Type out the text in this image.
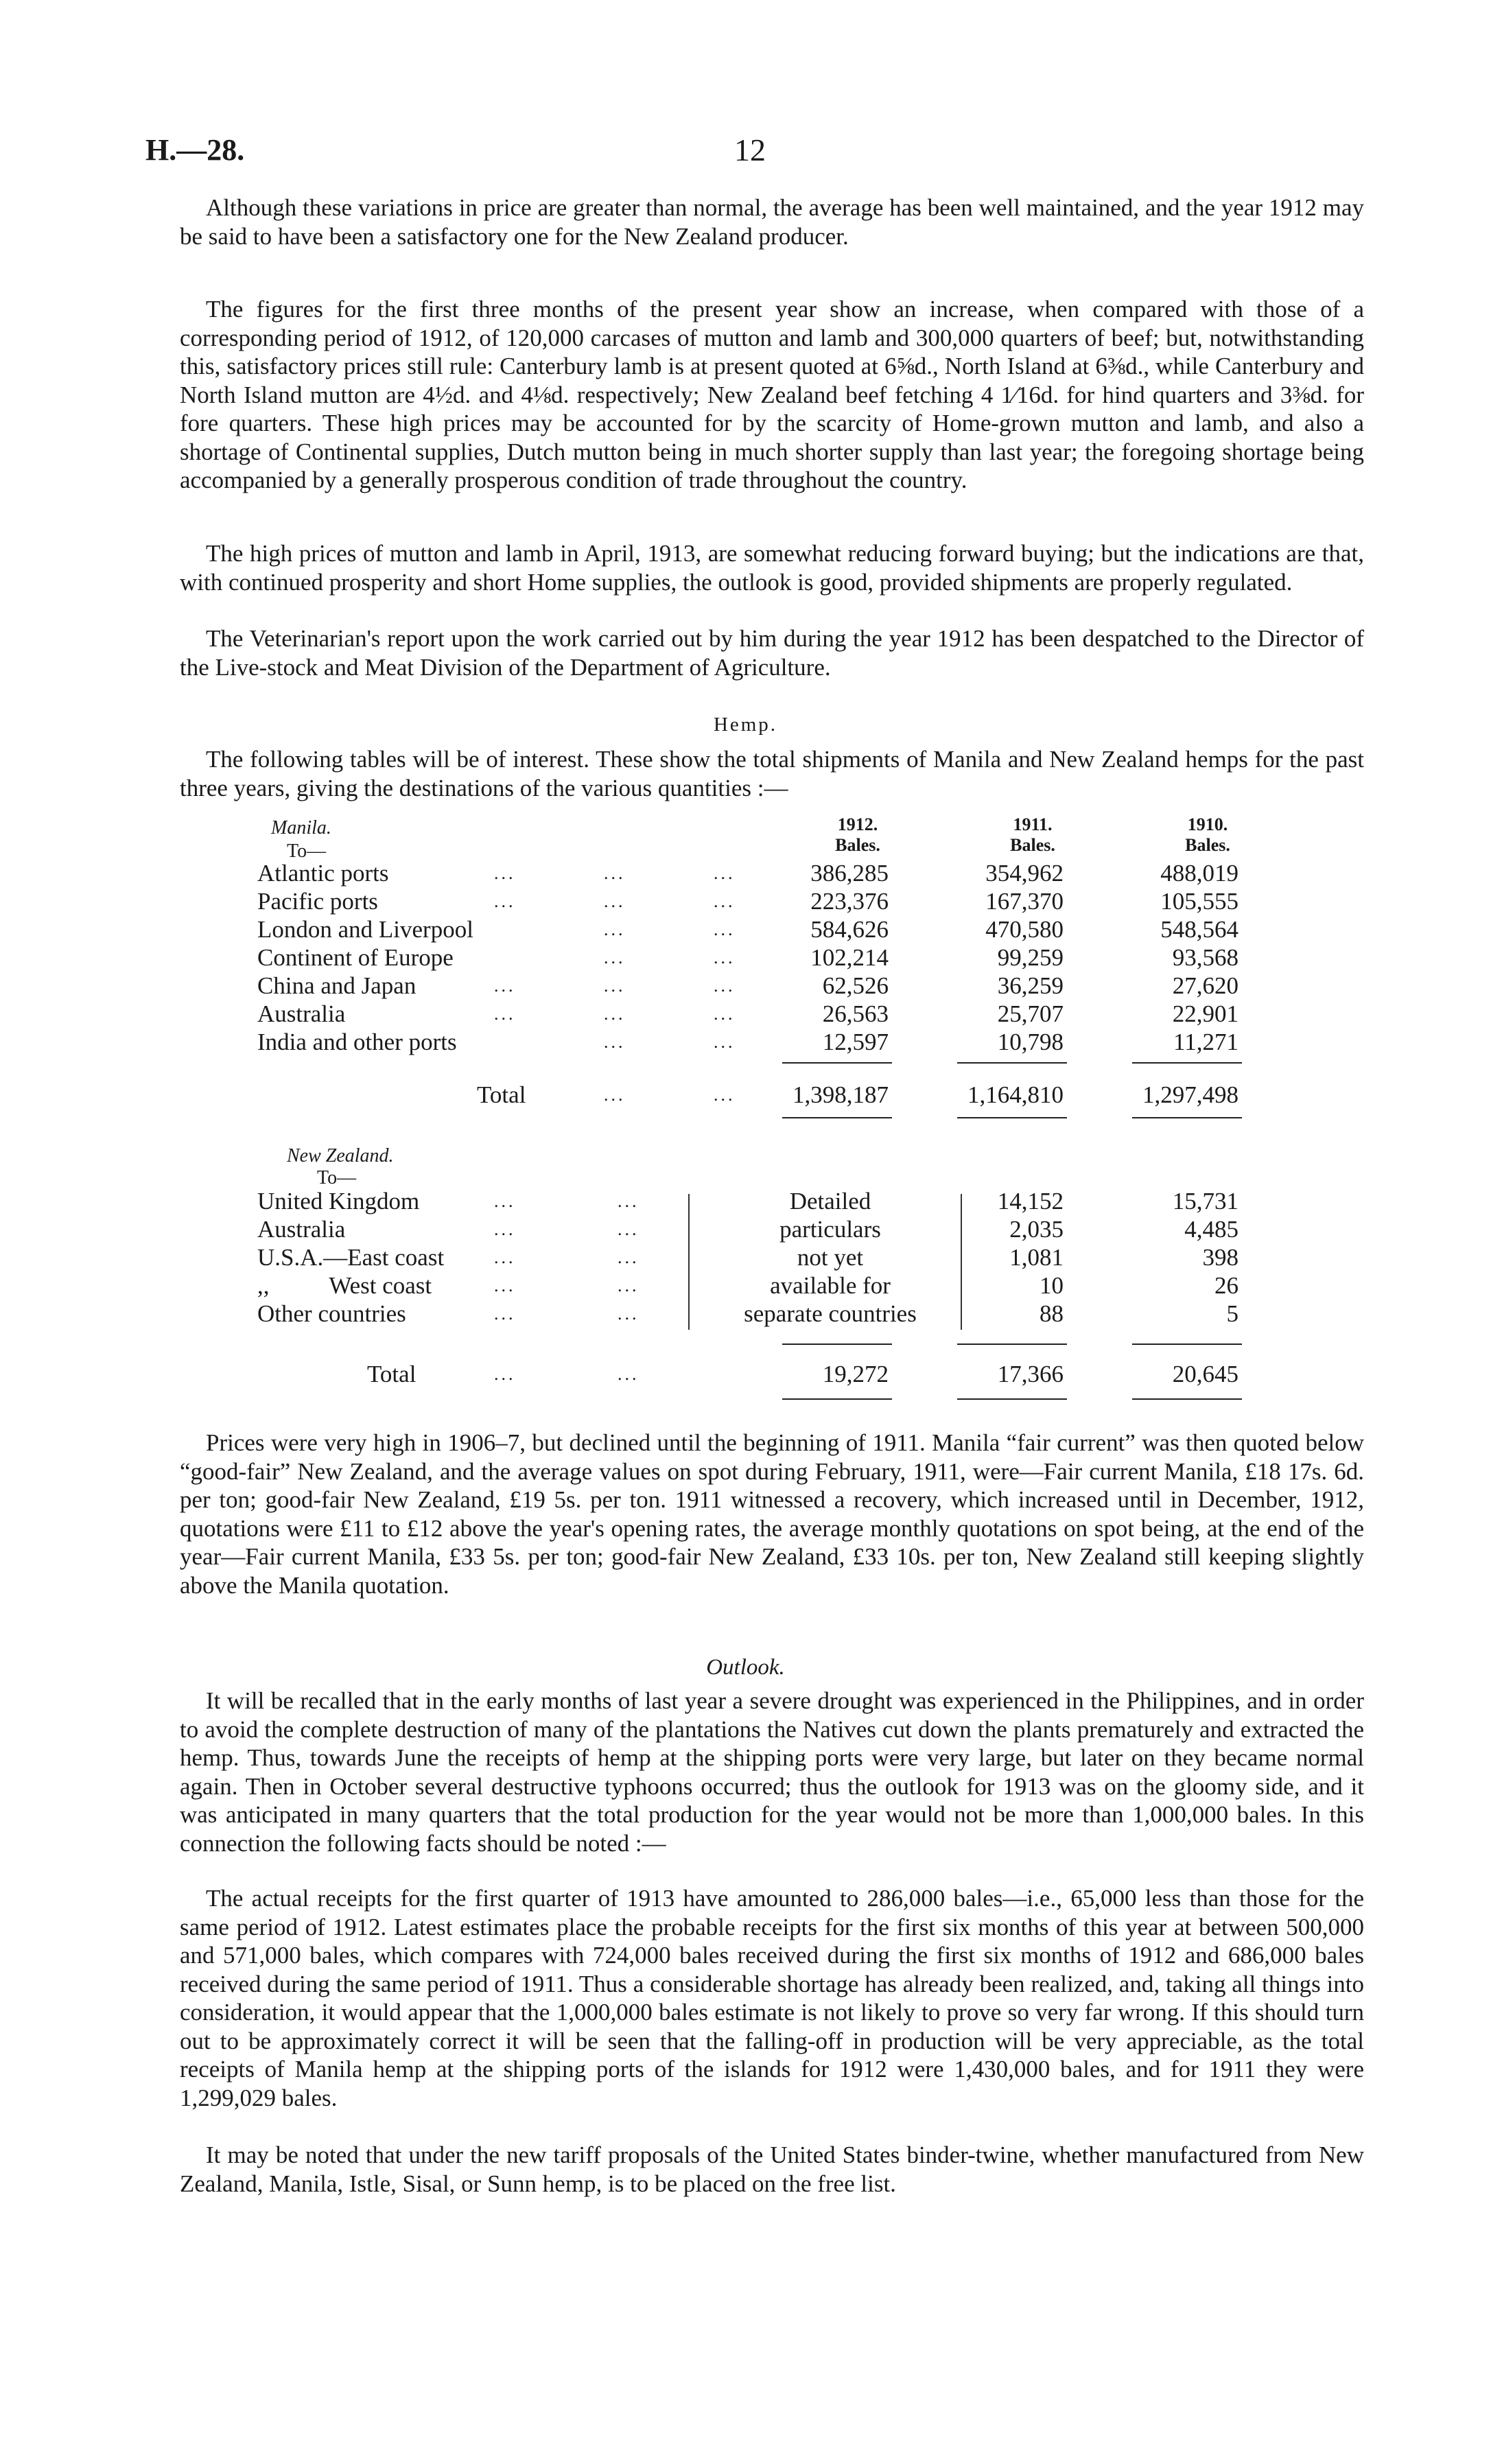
H.—28.	12

Although these variations in price are greater than normal, the average has been well maintained, and the year 1912 may be said to have been a satisfactory one for the New Zealand producer.

The figures for the first three months of the present year show an increase, when compared with those of a corresponding period of 1912, of 120,000 carcases of mutton and lamb and 300,000 quarters of beef; but, notwithstanding this, satisfactory prices still rule: Canterbury lamb is at present quoted at 6⅝d., North Island at 6⅜d., while Canterbury and North Island mutton are 4½d. and 4⅛d. respectively; New Zealand beef fetching 4 1⁄16d. for hind quarters and 3⅜d. for fore quarters. These high prices may be accounted for by the scarcity of Home-grown mutton and lamb, and also a shortage of Continental supplies, Dutch mutton being in much shorter supply than last year; the foregoing shortage being accompanied by a generally prosperous condition of trade throughout the country.

The high prices of mutton and lamb in April, 1913, are somewhat reducing forward buying; but the indications are that, with continued prosperity and short Home supplies, the outlook is good, provided shipments are properly regulated.

The Veterinarian's report upon the work carried out by him during the year 1912 has been despatched to the Director of the Live-stock and Meat Division of the Department of Agriculture.

Hemp.

The following tables will be of interest. These show the total shipments of Manila and New Zealand hemps for the past three years, giving the destinations of the various quantities :—

Manila.
To—
1912.
Bales.
1911.
Bales.
1910.
Bales.
Atlantic ports	...	...	...	386,285	354,962	488,019
Pacific ports	...	...	...	223,376	167,370	105,555
London and Liverpool	...	...	584,626	470,580	548,564
Continent of Europe	...	...	102,214	99,259	93,568
China and Japan	...	...	...	62,526	36,259	27,620
Australia	...	...	...	26,563	25,707	22,901
India and other ports	...	...	12,597	10,798	11,271
Total	...	...	1,398,187	1,164,810	1,297,498
New Zealand.
To—
United Kingdom	...	...	Detailed	14,152	15,731
Australia	...	...	particulars	2,035	4,485
U.S.A.—East coast	...	...	not yet	1,081	398
,,          West coast	...	...	available for	10	26
Other countries	...	...	separate countries	88	5
Total	...	...	19,272	17,366	20,645

Prices were very high in 1906–7, but declined until the beginning of 1911. Manila “fair current” was then quoted below “good-fair” New Zealand, and the average values on spot during February, 1911, were—Fair current Manila, £18 17s. 6d. per ton; good-fair New Zealand, £19 5s. per ton. 1911 witnessed a recovery, which increased until in December, 1912, quotations were £11 to £12 above the year's opening rates, the average monthly quotations on spot being, at the end of the year—Fair current Manila, £33 5s. per ton; good-fair New Zealand, £33 10s. per ton, New Zealand still keeping slightly above the Manila quotation.

Outlook.

It will be recalled that in the early months of last year a severe drought was experienced in the Philippines, and in order to avoid the complete destruction of many of the plantations the Natives cut down the plants prematurely and extracted the hemp. Thus, towards June the receipts of hemp at the shipping ports were very large, but later on they became normal again. Then in October several destructive typhoons occurred; thus the outlook for 1913 was on the gloomy side, and it was anticipated in many quarters that the total production for the year would not be more than 1,000,000 bales. In this connection the following facts should be noted :—

The actual receipts for the first quarter of 1913 have amounted to 286,000 bales—i.e., 65,000 less than those for the same period of 1912. Latest estimates place the probable receipts for the first six months of this year at between 500,000 and 571,000 bales, which compares with 724,000 bales received during the first six months of 1912 and 686,000 bales received during the same period of 1911. Thus a considerable shortage has already been realized, and, taking all things into consideration, it would appear that the 1,000,000 bales estimate is not likely to prove so very far wrong. If this should turn out to be approximately correct it will be seen that the falling-off in production will be very appreciable, as the total receipts of Manila hemp at the shipping ports of the islands for 1912 were 1,430,000 bales, and for 1911 they were 1,299,029 bales.

It may be noted that under the new tariff proposals of the United States binder-twine, whether manufactured from New Zealand, Manila, Istle, Sisal, or Sunn hemp, is to be placed on the free list.
